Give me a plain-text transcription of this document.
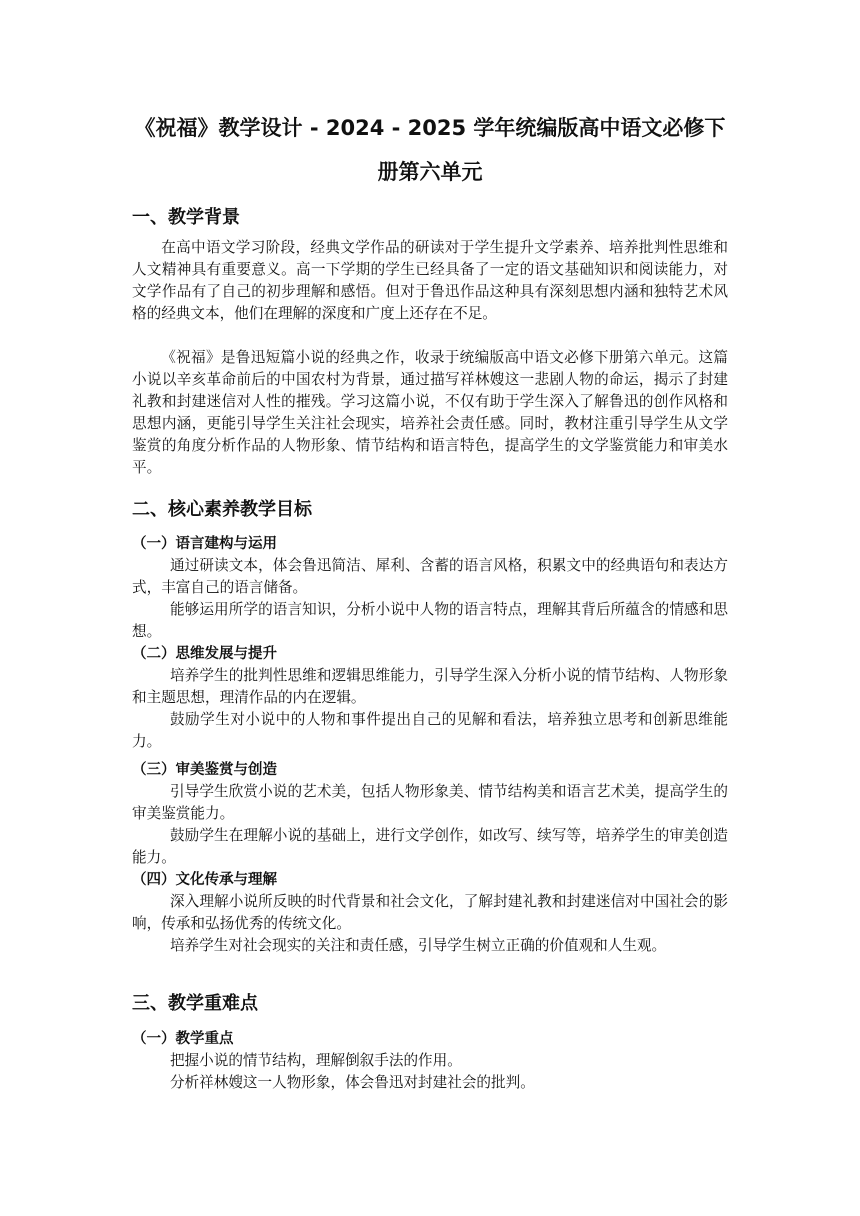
《祝福》教学设计 - 2024 - 2025 学年统编版高中语文必修下
册第六单元
一、教学背景

在高中语文学习阶段，经典文学作品的研读对于学生提升文学素养、培养批判性思维和人文精神具有重要意义。高一下学期的学生已经具备了一定的语文基础知识和阅读能力，对文学作品有了自己的初步理解和感悟。但对于鲁迅作品这种具有深刻思想内涵和独特艺术风格的经典文本，他们在理解的深度和广度上还存在不足。

《祝福》是鲁迅短篇小说的经典之作，收录于统编版高中语文必修下册第六单元。这篇小说以辛亥革命前后的中国农村为背景，通过描写祥林嫂这一悲剧人物的命运，揭示了封建礼教和封建迷信对人性的摧残。学习这篇小说，不仅有助于学生深入了解鲁迅的创作风格和思想内涵，更能引导学生关注社会现实，培养社会责任感。同时，教材注重引导学生从文学鉴赏的角度分析作品的人物形象、情节结构和语言特色，提高学生的文学鉴赏能力和审美水平。

二、核心素养教学目标
（一）语言建构与运用

通过研读文本，体会鲁迅简洁、犀利、含蓄的语言风格，积累文中的经典语句和表达方式，丰富自己的语言储备。

能够运用所学的语言知识，分析小说中人物的语言特点，理解其背后所蕴含的情感和思想。

（二）思维发展与提升

培养学生的批判性思维和逻辑思维能力，引导学生深入分析小说的情节结构、人物形象和主题思想，理清作品的内在逻辑。

鼓励学生对小说中的人物和事件提出自己的见解和看法，培养独立思考和创新思维能力。

（三）审美鉴赏与创造

引导学生欣赏小说的艺术美，包括人物形象美、情节结构美和语言艺术美，提高学生的审美鉴赏能力。

鼓励学生在理解小说的基础上，进行文学创作，如改写、续写等，培养学生的审美创造能力。

（四）文化传承与理解

深入理解小说所反映的时代背景和社会文化，了解封建礼教和封建迷信对中国社会的影响，传承和弘扬优秀的传统文化。

培养学生对社会现实的关注和责任感，引导学生树立正确的价值观和人生观。

三、教学重难点
（一）教学重点

把握小说的情节结构，理解倒叙手法的作用。

分析祥林嫂这一人物形象，体会鲁迅对封建社会的批判。
